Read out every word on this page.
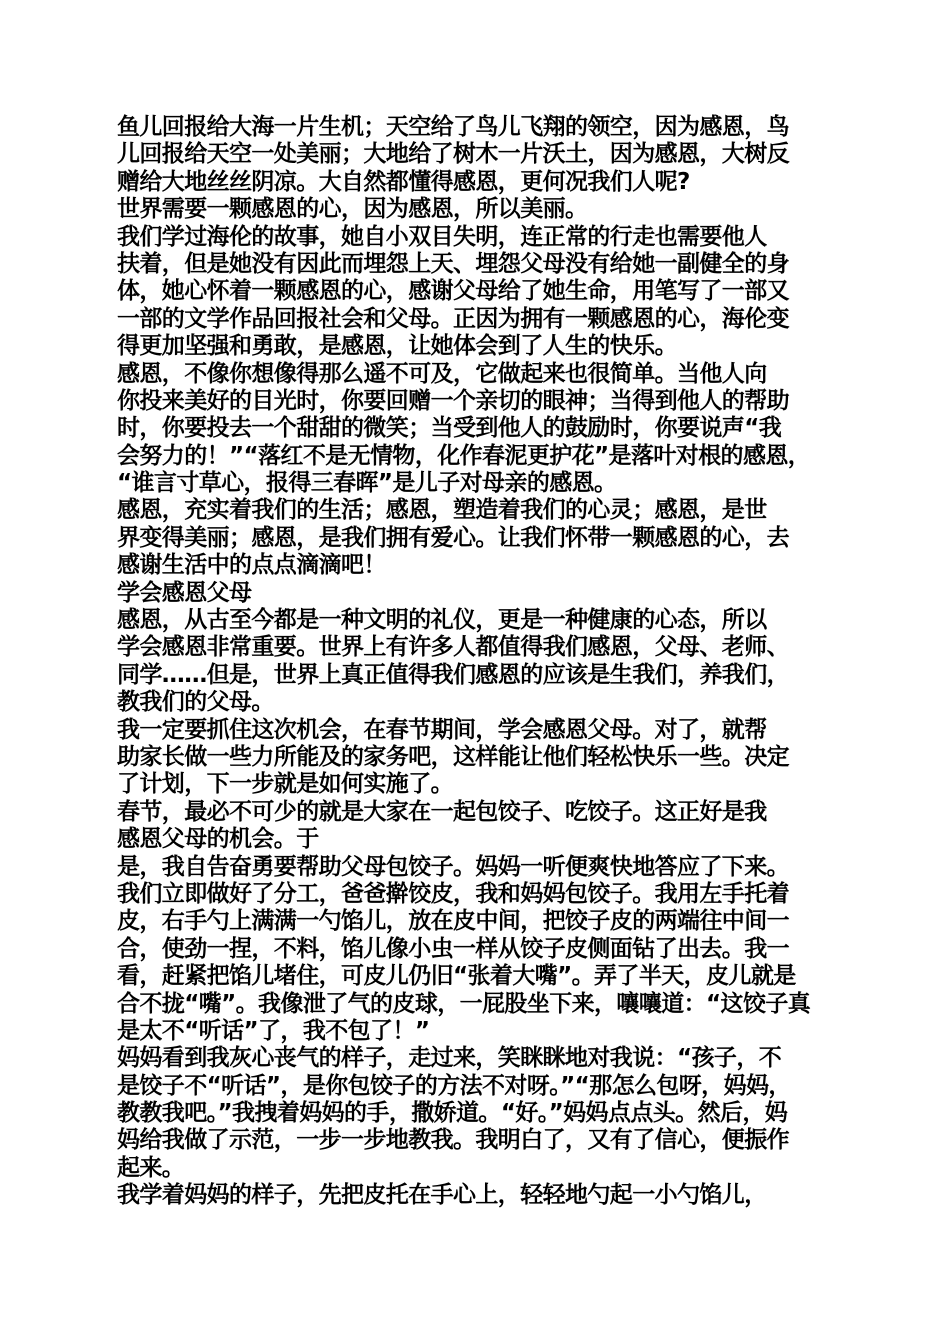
鱼儿回报给大海一片生机；天空给了鸟儿飞翔的领空，因为感恩，鸟
儿回报给天空一处美丽；大地给了树木一片沃土，因为感恩，大树反
赠给大地丝丝阴凉。大自然都懂得感恩，更何况我们人呢?
世界需要一颗感恩的心，因为感恩，所以美丽。
我们学过海伦的故事，她自小双目失明，连正常的行走也需要他人
扶着，但是她没有因此而埋怨上天、埋怨父母没有给她一副健全的身
体，她心怀着一颗感恩的心，感谢父母给了她生命，用笔写了一部又
一部的文学作品回报社会和父母。正因为拥有一颗感恩的心，海伦变
得更加坚强和勇敢，是感恩，让她体会到了人生的快乐。
感恩，不像你想像得那么遥不可及，它做起来也很简单。当他人向
你投来美好的目光时，你要回赠一个亲切的眼神；当得到他人的帮助
时，你要投去一个甜甜的微笑；当受到他人的鼓励时，你要说声“我
会努力的！”“落红不是无情物，化作春泥更护花”是落叶对根的感恩，
“谁言寸草心，报得三春晖”是儿子对母亲的感恩。
感恩，充实着我们的生活；感恩，塑造着我们的心灵；感恩，是世
界变得美丽；感恩，是我们拥有爱心。让我们怀带一颗感恩的心，去
感谢生活中的点点滴滴吧！
学会感恩父母
感恩，从古至今都是一种文明的礼仪，更是一种健康的心态，所以
学会感恩非常重要。世界上有许多人都值得我们感恩，父母、老师、
同学……但是，世界上真正值得我们感恩的应该是生我们，养我们，
教我们的父母。
我一定要抓住这次机会，在春节期间，学会感恩父母。对了，就帮
助家长做一些力所能及的家务吧，这样能让他们轻松快乐一些。决定
了计划，下一步就是如何实施了。
春节，最必不可少的就是大家在一起包饺子、吃饺子。这正好是我
感恩父母的机会。于
是，我自告奋勇要帮助父母包饺子。妈妈一听便爽快地答应了下来。
我们立即做好了分工，爸爸擀饺皮，我和妈妈包饺子。我用左手托着
皮，右手勺上满满一勺馅儿，放在皮中间，把饺子皮的两端往中间一
合，使劲一捏，不料，馅儿像小虫一样从饺子皮侧面钻了出去。我一
看，赶紧把馅儿堵住，可皮儿仍旧“张着大嘴”。弄了半天，皮儿就是
合不拢“嘴”。我像泄了气的皮球，一屁股坐下来，嚷嚷道：“这饺子真
是太不“听话”了，我不包了！”
妈妈看到我灰心丧气的样子，走过来，笑眯眯地对我说：“孩子，不
是饺子不“听话”，是你包饺子的方法不对呀。”“那怎么包呀，妈妈，
教教我吧。”我拽着妈妈的手，撒娇道。“好。”妈妈点点头。然后，妈
妈给我做了示范，一步一步地教我。我明白了，又有了信心，便振作
起来。
我学着妈妈的样子，先把皮托在手心上，轻轻地勺起一小勺馅儿，
